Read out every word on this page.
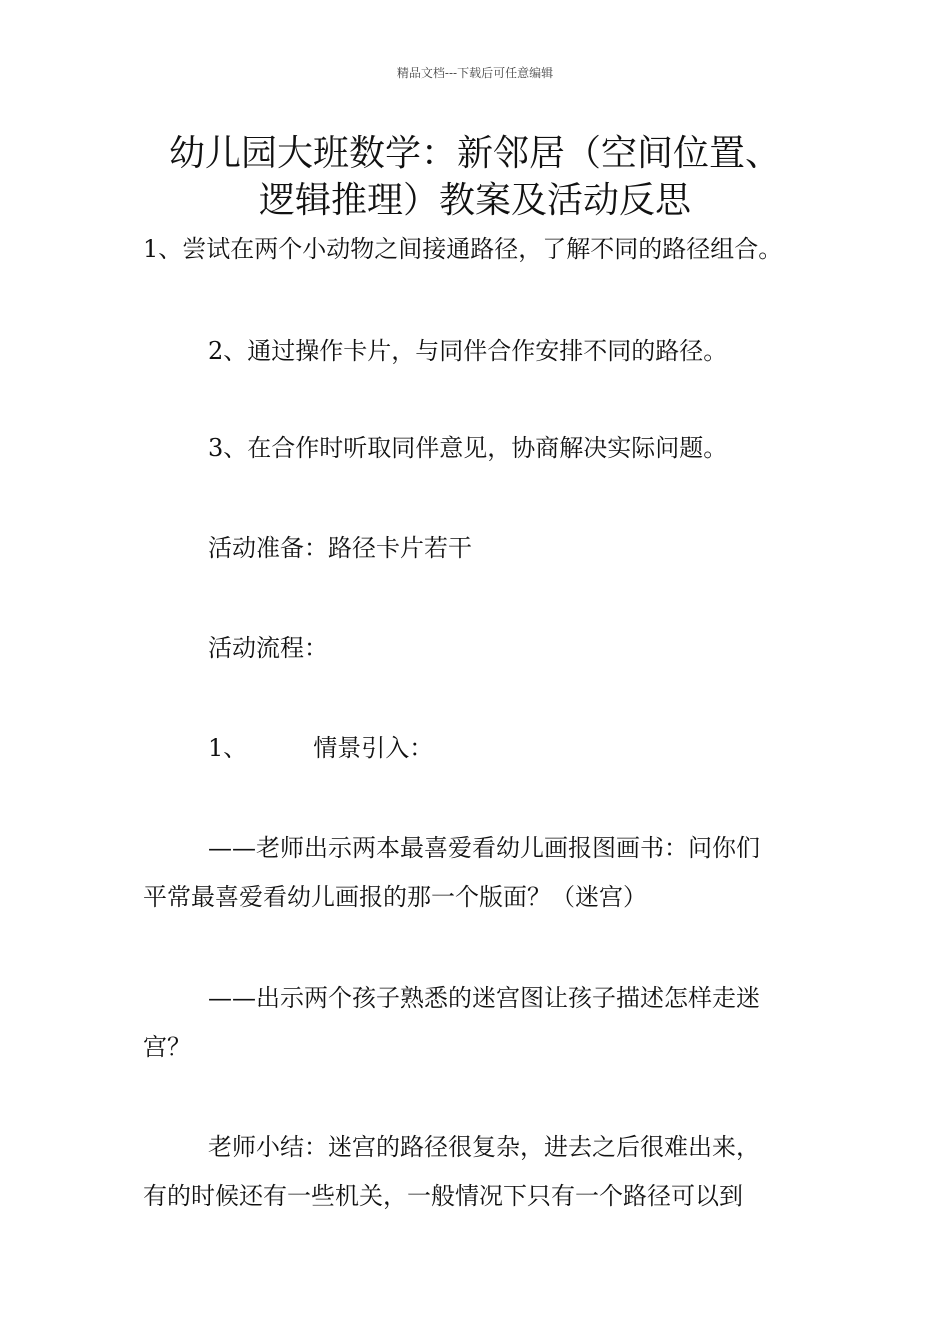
精品文档---下载后可任意编辑
幼儿园大班数学：新邻居（空间位置、
逻辑推理）教案及活动反思
1、尝试在两个小动物之间接通路径，了解不同的路径组合。
2、通过操作卡片，与同伴合作安排不同的路径。
3、在合作时听取同伴意见，协商解决实际问题。
活动准备：路径卡片若干
活动流程：
1、	情景引入：
——老师出示两本最喜爱看幼儿画报图画书：问你们
平常最喜爱看幼儿画报的那一个版面？（迷宫）
——出示两个孩子熟悉的迷宫图让孩子描述怎样走迷
宫？
老师小结：迷宫的路径很复杂，进去之后很难出来，
有的时候还有一些机关，一般情况下只有一个路径可以到
